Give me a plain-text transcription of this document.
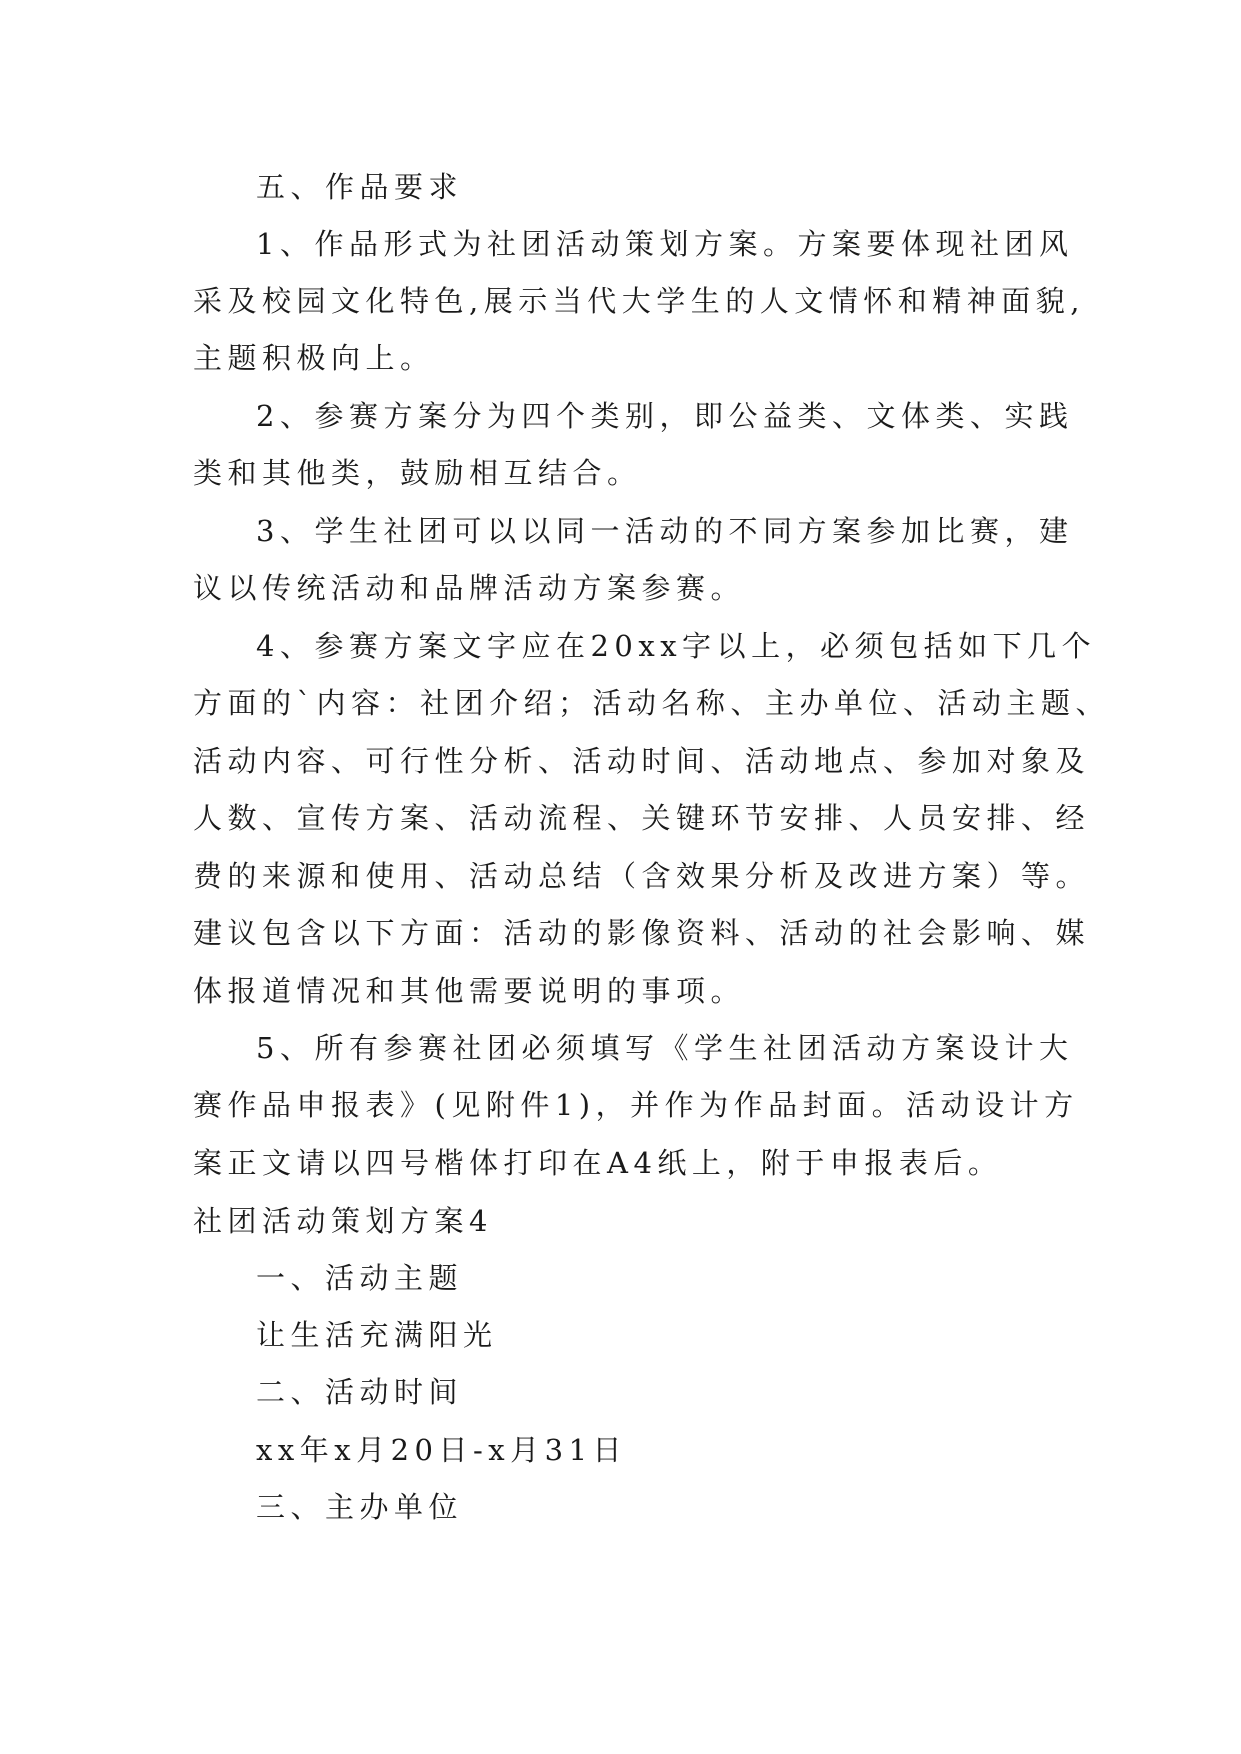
五、作品要求
1、作品形式为社团活动策划方案。方案要体现社团风
采及校园文化特色,展示当代大学生的人文情怀和精神面貌,
主题积极向上。
2、参赛方案分为四个类别，即公益类、文体类、实践
类和其他类，鼓励相互结合。
3、学生社团可以以同一活动的不同方案参加比赛，建
议以传统活动和品牌活动方案参赛。
4、参赛方案文字应在20xx字以上，必须包括如下几个
方面的`内容：社团介绍；活动名称、主办单位、活动主题、
活动内容、可行性分析、活动时间、活动地点、参加对象及
人数、宣传方案、活动流程、关键环节安排、人员安排、经
费的来源和使用、活动总结（含效果分析及改进方案）等。
建议包含以下方面：活动的影像资料、活动的社会影响、媒
体报道情况和其他需要说明的事项。
5、所有参赛社团必须填写《学生社团活动方案设计大
赛作品申报表》(见附件1)，并作为作品封面。活动设计方
案正文请以四号楷体打印在A4纸上，附于申报表后。
社团活动策划方案4
一、活动主题
让生活充满阳光
二、活动时间
xx年x月20日-x月31日
三、主办单位
